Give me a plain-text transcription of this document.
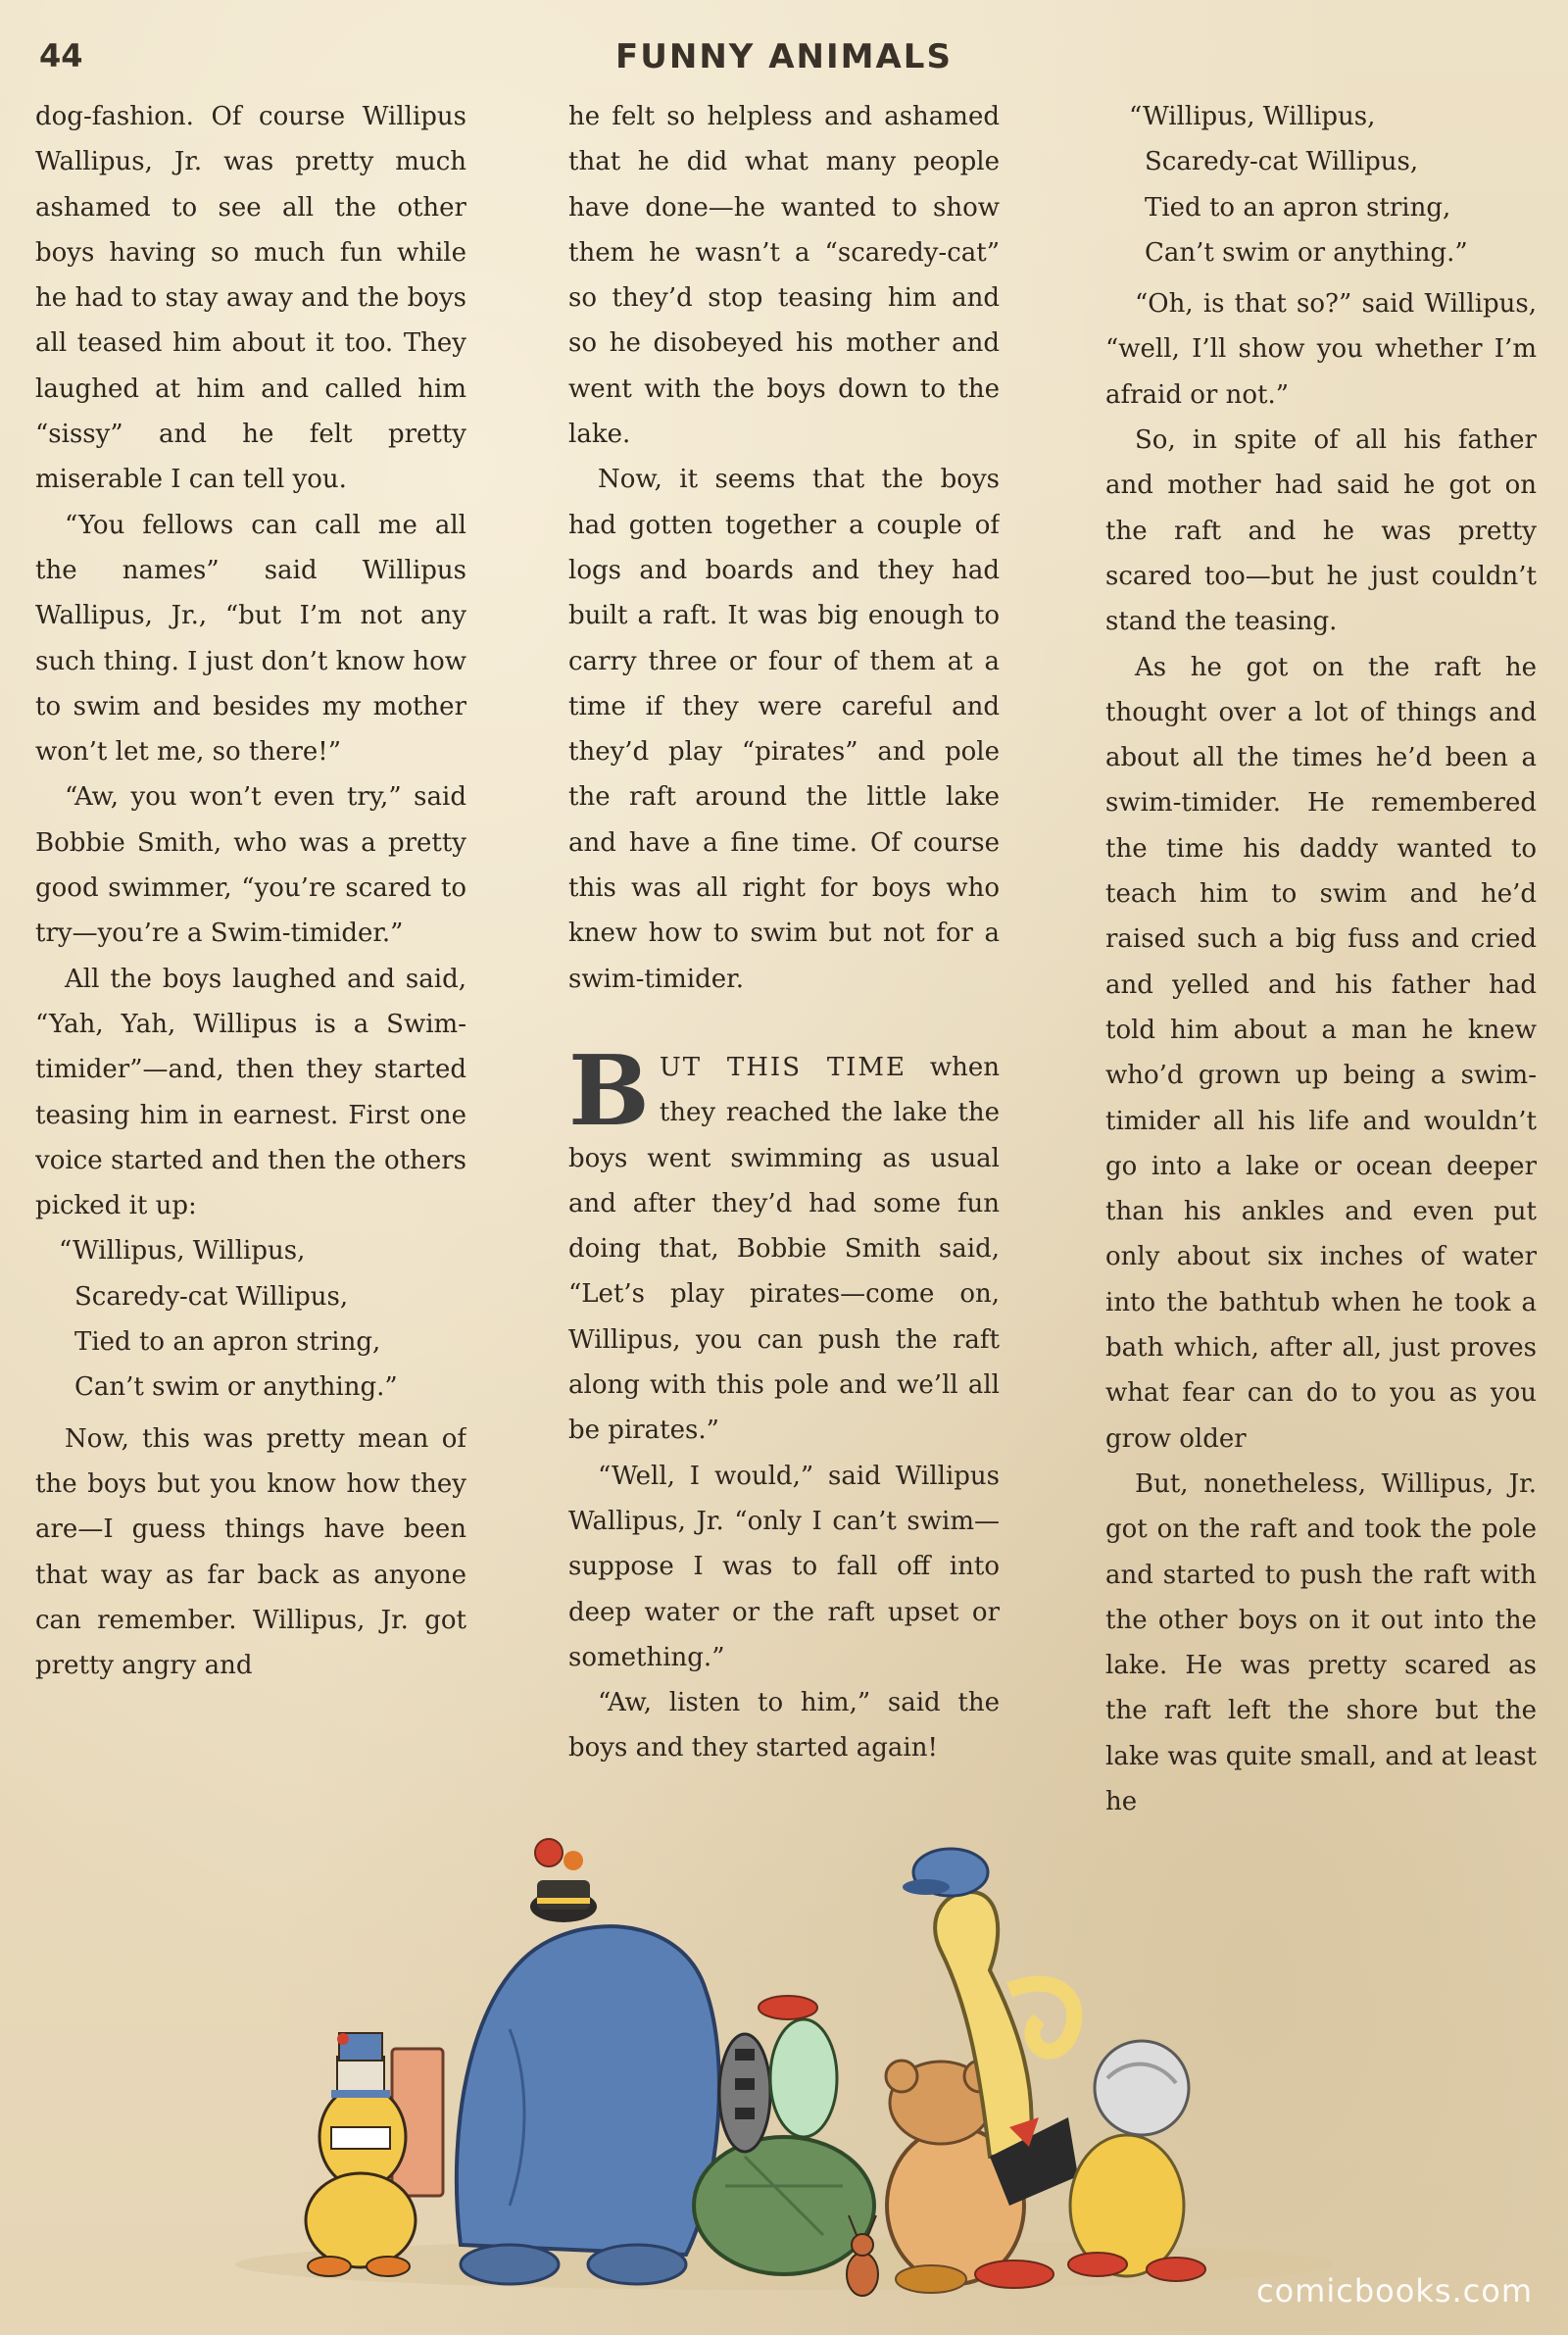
44	FUNNY ANIMALS

dog-fashion. Of course Willipus Wallipus, Jr. was pretty much ashamed to see all the other boys having so much fun while he had to stay away and the boys all teased him about it too. They laughed at him and called him “sissy” and he felt pretty miserable I can tell you.

“You fellows can call me all the names” said Willipus Wallipus, Jr., “but I’m not any such thing. I just don’t know how to swim and besides my mother won’t let me, so there!”

“Aw, you won’t even try,” said Bobbie Smith, who was a pretty good swimmer, “you’re scared to try—you’re a Swim-timider.”

All the boys laughed and said, “Yah, Yah, Willipus is a Swim-timider”—and, then they started teasing him in earnest. First one voice started and then the others picked it up:

“Willipus, Willipus,
Scaredy-cat Willipus,
Tied to an apron string,
Can’t swim or anything.”

Now, this was pretty mean of the boys but you know how they are—I guess things have been that way as far back as anyone can remember. Willipus, Jr. got pretty angry and

he felt so helpless and ashamed that he did what many people have done—he wanted to show them he wasn’t a “scaredy-cat” so they’d stop teasing him and so he disobeyed his mother and went with the boys down to the lake.

Now, it seems that the boys had gotten together a couple of logs and boards and they had built a raft. It was big enough to carry three or four of them at a time if they were careful and they’d play “pirates” and pole the raft around the little lake and have a fine time. Of course this was all right for boys who knew how to swim but not for a swim-timider.

BUT THIS TIME when they reached the lake the boys went swimming as usual and after they’d had some fun doing that, Bobbie Smith said, “Let’s play pirates—come on, Willipus, you can push the raft along with this pole and we’ll all be pirates.”

“Well, I would,” said Willipus Wallipus, Jr. “only I can’t swim—suppose I was to fall off into deep water or the raft upset or something.”

“Aw, listen to him,” said the boys and they started again!

“Willipus, Willipus,
Scaredy-cat Willipus,
Tied to an apron string,
Can’t swim or anything.”

“Oh, is that so?” said Willipus, “well, I’ll show you whether I’m afraid or not.”

So, in spite of all his father and mother had said he got on the raft and he was pretty scared too—but he just couldn’t stand the teasing.

As he got on the raft he thought over a lot of things and about all the times he’d been a swim-timider. He remembered the time his daddy wanted to teach him to swim and he’d raised such a big fuss and cried and yelled and his father had told him about a man he knew who’d grown up being a swim-timider all his life and wouldn’t go into a lake or ocean deeper than his ankles and even put only about six inches of water into the bathtub when he took a bath which, after all, just proves what fear can do to you as you grow older

But, nonetheless, Willipus, Jr. got on the raft and took the pole and started to push the raft with the other boys on it out into the lake. He was pretty scared as the raft left the shore but the lake was quite small, and at least he

comicbooks.com
